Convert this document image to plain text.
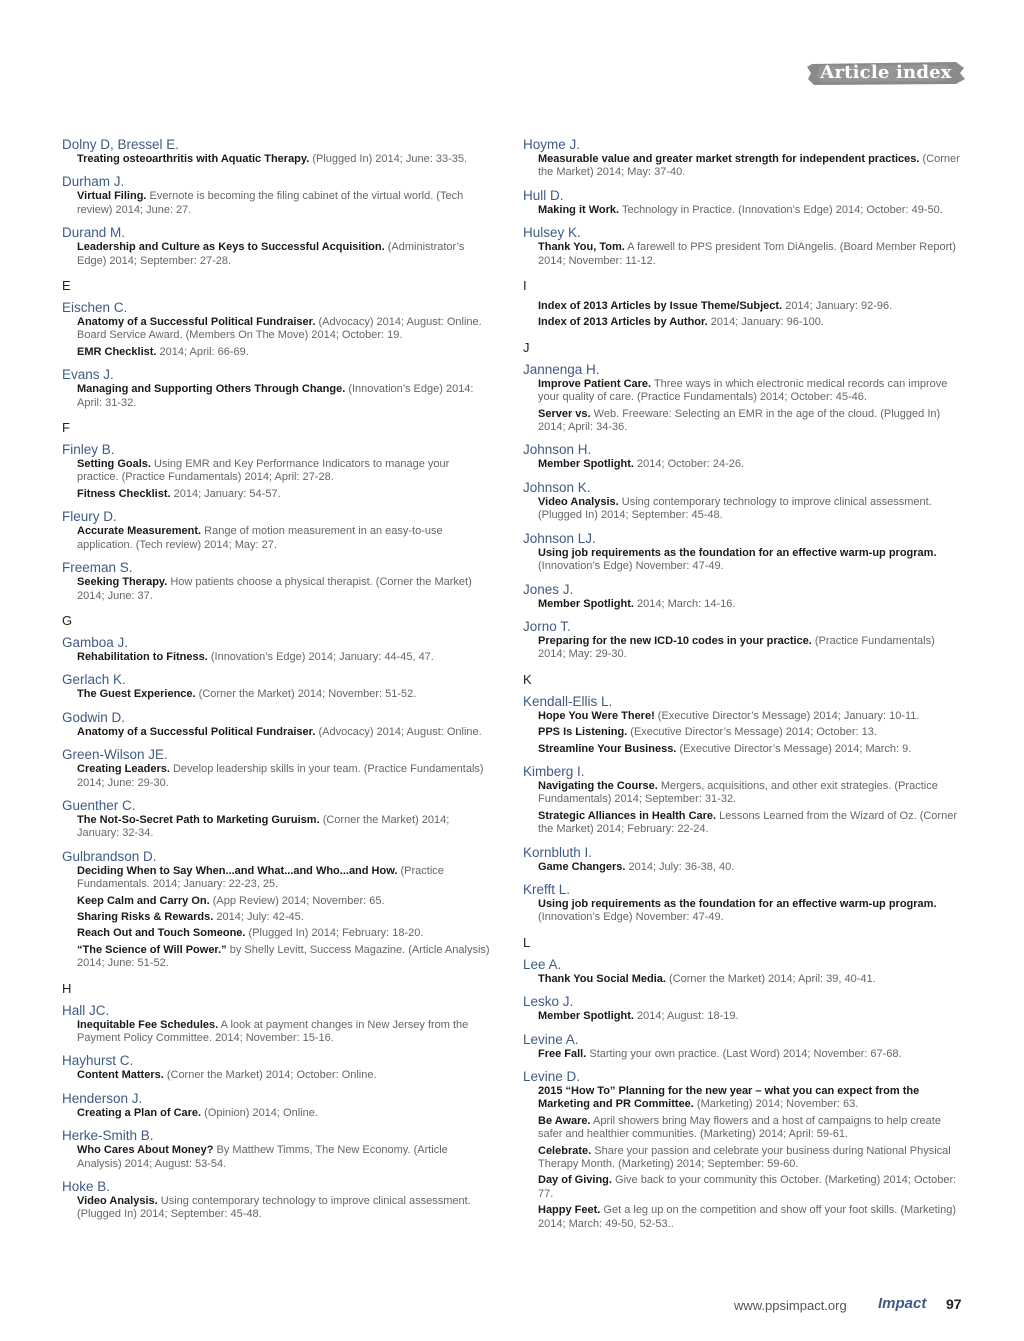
Article index
Dolny D, Bressel E.
Treating osteoarthritis with Aquatic Therapy. (Plugged In) 2014; June: 33-35.
Durham J.
Virtual Filing. Evernote is becoming the filing cabinet of the virtual world. (Tech review) 2014; June: 27.
Durand M.
Leadership and Culture as Keys to Successful Acquisition. (Administrator’s Edge) 2014; September: 27-28.
E
Eischen C.
Anatomy of a Successful Political Fundraiser. (Advocacy) 2014; August: Online. Board Service Award. (Members On The Move) 2014; October: 19.
EMR Checklist. 2014; April: 66-69.
Evans J.
Managing and Supporting Others Through Change. (Innovation’s Edge) 2014: April: 31-32.
F
Finley B.
Setting Goals. Using EMR and Key Performance Indicators to manage your practice. (Practice Fundamentals) 2014; April: 27-28.
Fitness Checklist. 2014; January: 54-57.
Fleury D.
Accurate Measurement. Range of motion measurement in an easy-to-use application. (Tech review) 2014; May: 27.
Freeman S.
Seeking Therapy. How patients choose a physical therapist. (Corner the Market) 2014; June: 37.
G
Gamboa J.
Rehabilitation to Fitness. (Innovation’s Edge) 2014; January: 44-45, 47.
Gerlach K.
The Guest Experience. (Corner the Market) 2014; November: 51-52.
Godwin D.
Anatomy of a Successful Political Fundraiser. (Advocacy) 2014; August: Online.
Green-Wilson JE.
Creating Leaders. Develop leadership skills in your team. (Practice Fundamentals) 2014; June: 29-30.
Guenther C.
The Not-So-Secret Path to Marketing Guruism. (Corner the Market) 2014; January: 32-34.
Gulbrandson D.
Deciding When to Say When...and What...and Who...and How. (Practice Fundamentals. 2014; January: 22-23, 25.
Keep Calm and Carry On. (App Review) 2014; November: 65.
Sharing Risks & Rewards. 2014; July: 42-45.
Reach Out and Touch Someone. (Plugged In) 2014; February: 18-20.
“The Science of Will Power.” by Shelly Levitt, Success Magazine. (Article Analysis) 2014; June: 51-52.
H
Hall JC.
Inequitable Fee Schedules. A look at payment changes in New Jersey from the Payment Policy Committee. 2014; November: 15-16.
Hayhurst C.
Content Matters. (Corner the Market) 2014; October: Online.
Henderson J.
Creating a Plan of Care. (Opinion) 2014; Online.
Herke-Smith B.
Who Cares About Money? By Matthew Timms, The New Economy. (Article Analysis) 2014; August: 53-54.
Hoke B.
Video Analysis. Using contemporary technology to improve clinical assessment. (Plugged In) 2014; September: 45-48.
Hoyme J.
Measurable value and greater market strength for independent practices. (Corner the Market) 2014; May: 37-40.
Hull D.
Making it Work. Technology in Practice. (Innovation’s Edge) 2014; October: 49-50.
Hulsey K.
Thank You, Tom. A farewell to PPS president Tom DiAngelis. (Board Member Report) 2014; November: 11-12.
I
Index of 2013 Articles by Issue Theme/Subject. 2014; January: 92-96.
Index of 2013 Articles by Author. 2014; January: 96-100.
J
Jannenga H.
Improve Patient Care. Three ways in which electronic medical records can improve your quality of care. (Practice Fundamentals) 2014; October: 45-46.
Server vs. Web. Freeware: Selecting an EMR in the age of the cloud. (Plugged In) 2014; April: 34-36.
Johnson H.
Member Spotlight. 2014; October: 24-26.
Johnson K.
Video Analysis. Using contemporary technology to improve clinical assessment. (Plugged In) 2014; September: 45-48.
Johnson LJ.
Using job requirements as the foundation for an effective warm-up program. (Innovation’s Edge) November: 47-49.
Jones J.
Member Spotlight. 2014; March: 14-16.
Jorno T.
Preparing for the new ICD-10 codes in your practice. (Practice Fundamentals) 2014; May: 29-30.
K
Kendall-Ellis L.
Hope You Were There! (Executive Director’s Message) 2014; January: 10-11.
PPS Is Listening. (Executive Director’s Message) 2014; October: 13.
Streamline Your Business. (Executive Director’s Message) 2014; March: 9.
Kimberg I.
Navigating the Course. Mergers, acquisitions, and other exit strategies. (Practice Fundamentals) 2014; September: 31-32.
Strategic Alliances in Health Care. Lessons Learned from the Wizard of Oz. (Corner the Market) 2014; February: 22-24.
Kornbluth I.
Game Changers. 2014; July: 36-38, 40.
Krefft L.
Using job requirements as the foundation for an effective warm-up program. (Innovation’s Edge) November: 47-49.
L
Lee A.
Thank You Social Media. (Corner the Market) 2014; April: 39, 40-41.
Lesko J.
Member Spotlight. 2014; August: 18-19.
Levine A.
Free Fall. Starting your own practice. (Last Word) 2014; November: 67-68.
Levine D.
2015 “How To” Planning for the new year – what you can expect from the Marketing and PR Committee. (Marketing) 2014; November: 63.
Be Aware. April showers bring May flowers and a host of campaigns to help create safer and healthier communities. (Marketing) 2014; April: 59-61.
Celebrate. Share your passion and celebrate your business during National Physical Therapy Month. (Marketing) 2014; September: 59-60.
Day of Giving. Give back to your community this October. (Marketing) 2014; October: 77.
Happy Feet. Get a leg up on the competition and show off your foot skills. (Marketing) 2014; March: 49-50, 52-53..
www.ppsimpact.org Impact 97
